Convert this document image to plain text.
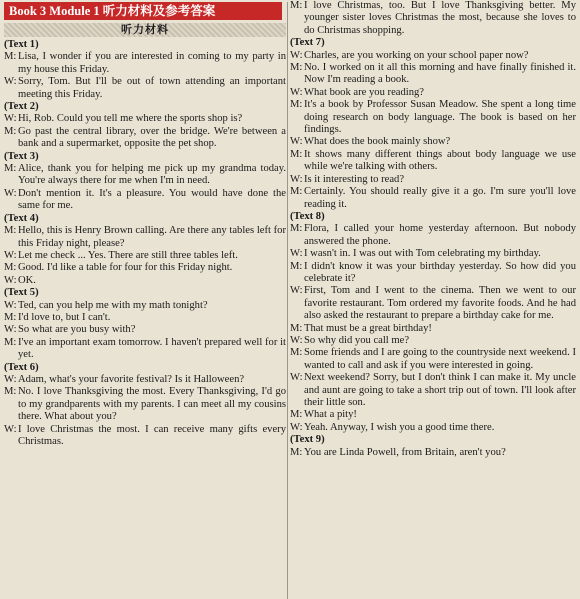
Book 3 Module 1 听力材料及参考答案
听力材料
(Text 1)
M: Lisa, I wonder if you are interested in coming to my party in my house this Friday.
W: Sorry, Tom. But I'll be out of town attending an important meeting this Friday.
(Text 2)
W: Hi, Rob. Could you tell me where the sports shop is?
M: Go past the central library, over the bridge. We're between a bank and a supermarket, opposite the pet shop.
(Text 3)
M: Alice, thank you for helping me pick up my grandma today. You're always there for me when I'm in need.
W: Don't mention it. It's a pleasure. You would have done the same for me.
(Text 4)
M: Hello, this is Henry Brown calling. Are there any tables left for this Friday night, please?
W: Let me check ... Yes. There are still three tables left.
M: Good. I'd like a table for four for this Friday night.
W: OK.
(Text 5)
W: Ted, can you help me with my math tonight?
M: I'd love to, but I can't.
W: So what are you busy with?
M: I've an important exam tomorrow. I haven't prepared well for it yet.
(Text 6)
W: Adam, what's your favorite festival? Is it Halloween?
M: No. I love Thanksgiving the most. Every Thanksgiving, I'd go to my grandparents with my parents. I can meet all my cousins there. What about you?
W: I love Christmas the most. I can receive many gifts every Christmas.
M: I love Christmas, too. But I love Thanksgiving better. My younger sister loves Christmas the most, because she loves to do Christmas shopping.
(Text 7)
W: Charles, are you working on your school paper now?
M: No. I worked on it all this morning and have finally finished it. Now I'm reading a book.
W: What book are you reading?
M: It's a book by Professor Susan Meadow. She spent a long time doing research on body language. The book is based on her findings.
W: What does the book mainly show?
M: It shows many different things about body language we use while we're talking with others.
W: Is it interesting to read?
M: Certainly. You should really give it a go. I'm sure you'll love reading it.
(Text 8)
M: Flora, I called your home yesterday afternoon. But nobody answered the phone.
W: I wasn't in. I was out with Tom celebrating my birthday.
M: I didn't know it was your birthday yesterday. So how did you celebrate it?
W: First, Tom and I went to the cinema. Then we went to our favorite restaurant. Tom ordered my favorite foods. And he had also asked the restaurant to prepare a birthday cake for me.
M: That must be a great birthday!
W: So why did you call me?
M: Some friends and I are going to the countryside next weekend. I wanted to call and ask if you were interested in going.
W: Next weekend? Sorry, but I don't think I can make it. My uncle and aunt are going to take a short trip out of town. I'll look after their little son.
M: What a pity!
W: Yeah. Anyway, I wish you a good time there.
(Text 9)
M: You are Linda Powell, from Britain, aren't you?
